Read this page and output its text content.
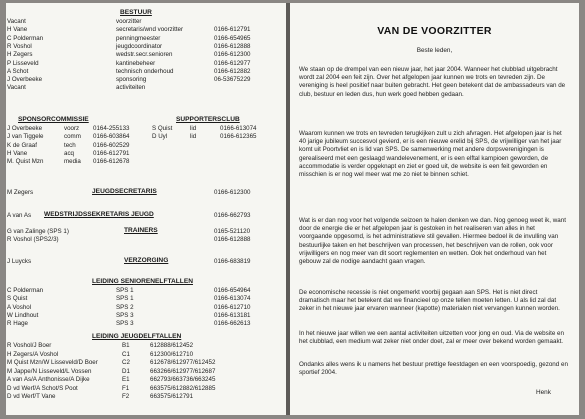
BESTUUR
Vacant	voorzitter
H Vane	secretaris/wnd voorzitter	0166-612791
C Polderman	penningmeester	0166-654965
R Voshol	jeugdcoordinator	0166-612888
H Zegers	wedstr.secr.senioren	0166-612300
P Lisseveld	kantinebeheer	0166-612977
A Schot	technisch onderhoud	0166-612882
J Overbeeke	sponsoring	06-53675229
Vacant	activiteiten
SPONSORCOMMISSIE	SUPPORTERSCLUB
J Overbeeke	voorz 0164-255133
J van Tiggele	comm 0166-603864
K de Graaf	tech	0166-602529
H Vane	acq	0166-612791
M. Quist Mzn	media 0166-612678
S Quist	lid	0166-613074
D Uyl	lid	0166-612365
M Zegers	JEUGDSECRETARIS	0166-612300
A van As WEDSTRIJDSSEKRETARIS JEUGD	0166-662793
TRAINERS
G van Zalinge (SPS 1)	0165-521120
R Voshol (SPS2/3)	0166-612888
J Luycks	VERZORGING	0166-683819
LEIDING SENIORENELFTALLEN
C Polderman	SPS 1	0166-654964
S Quist	SPS 1	0166-613074
A Voshol	SPS 2	0166-612710
W Lindhout	SPS 3	0166-613181
R Hage	SPS 3	0166-662613
LEIDING JEUGDELFTALLEN
R Voshol/J Boer	B1	612888/612452
H Zegers/A Voshol	C1	612300/612710
M Quist Mzn/W Lisseveld/D Boer	C2	612678/612977/612452
M Jappe/N Lisseveld/L Vossen	D1	663266/612977/612687
A van As/A Anthonisse/A Dijke	E1	662793/663736/663245
D vd Werf/A Schot/S Poot	F1	663575/612882/612885
D vd Werf/T Vane	F2	663575/612791
VAN DE VOORZITTER
Beste leden,

We staan op de drempel van een nieuw jaar, het jaar 2004. Wanneer het clubblad uitgebracht wordt zal 2004 een feit zijn. Over het afgelopen jaar kunnen we trots en tevreden zijn. De vereniging is heel positief naar buiten gebracht. Het geen betekent dat de ambassadeurs van de club, bestuur en leden dus, hun werk goed hebben gedaan.

Waarom kunnen we trots en tevreden terugkijken zult u zich afvragen. Het afgelopen jaar is het 40 jarige jubileum succesvol gevierd, er is een nieuwe erelid bij SPS, de vrijwilliger van het jaar komt uit Poortvliet en is lid van SPS. De samenwerking met andere dorpsverenigingen is gerealiseerd met een geslaagd wandelevenement, er is een elftal kampioen geworden, de accommodatie is verder opgeknapt en ziet er goed uit, de website is een feit geworden en misschien is er nog wel meer wat me zo niet te binnen schiet.

Wat is er dan nog voor het volgende seizoen te halen denken we dan. Nog genoeg weet ik, want door de energie die er het afgelopen jaar is gestoken in het realiseren van alles in het voorgaande opgesomd, is het administratieve stil gevallen. Hiermee bedoel ik de invulling van bestuurlijke taken en het beschrijven van processen, het beschrijven van de rollen, ook voor vrijwilligers en nog meer van dit soort reglementen en wetten. Ook het onderhoud van het gebouw zal de nodige aandacht gaan vragen.

De economische recessie is niet ongemerkt voorbij gegaan aan SPS. Het is niet direct dramatisch maar het betekent dat we financieel op onze tellen moeten letten. U als lid zal dat zeker in het nieuwe jaar ervaren wanneer (kapotte) materialen niet vervangen kunnen worden.

In het nieuwe jaar willen we een aantal activiteiten uitzetten voor jong en oud. Via de website en het clubblad, een medium wat zeker niet onder doet, zal er meer over bekend worden gemaakt.

Ondanks alles wens ik u namens het bestuur prettige feestdagen en een voorspoedig, gezond en sportief 2004.

Henk
